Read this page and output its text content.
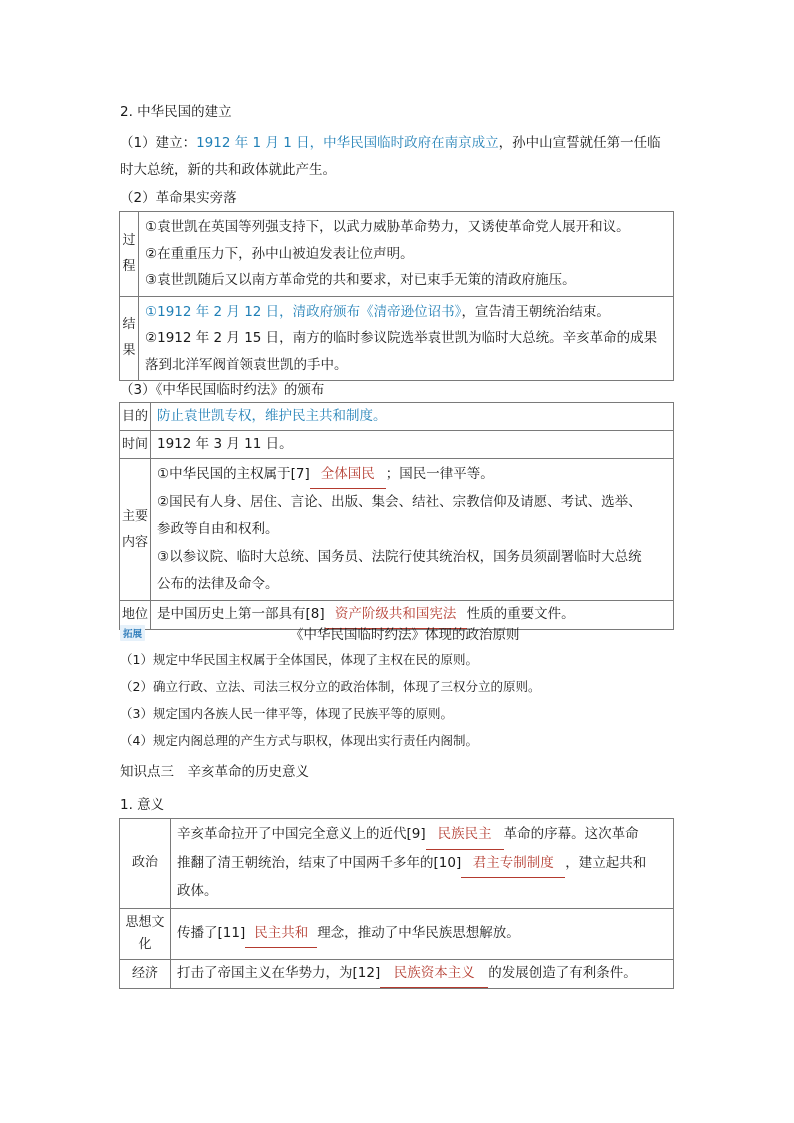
2. 中华民国的建立
（1）建立：1912 年 1 月 1 日，中华民国临时政府在南京成立，孙中山宣誓就任第一任临
时大总统，新的共和政体就此产生。
（2）革命果实旁落
过
程	①袁世凯在英国等列强支持下，以武力威胁革命势力，又诱使革命党人展开和议。
②在重重压力下，孙中山被迫发表让位声明。
③袁世凯随后又以南方革命党的共和要求，对已束手无策的清政府施压。

结
果	①1912 年 2 月 12 日，清政府颁布《清帝逊位诏书》，宣告清王朝统治结束。
②1912 年 2 月 15 日，南方的临时参议院选举袁世凯为临时大总统。辛亥革命的成果
落到北洋军阀首领袁世凯的手中。
（3）《中华民国临时约法》的颁布
目的	防止袁世凯专权，维护民主共和制度。
时间	1912 年 3 月 11 日。

主要
内容	①中华民国的主权属于[7] 全体国民 ；国民一律平等。
②国民有人身、居住、言论、出版、集会、结社、宗教信仰及请愿、考试、选举、
参政等自由和权利。
③以参议院、临时大总统、国务员、法院行使其统治权，国务员须副署临时大总统
公布的法律及命令。

地位	是中国历史上第一部具有[8] 资产阶级共和国宪法 性质的重要文件。
拓展	《中华民国临时约法》体现的政治原则
（1）规定中华民国主权属于全体国民，体现了主权在民的原则。
（2）确立行政、立法、司法三权分立的政治体制，体现了三权分立的原则。
（3）规定国内各族人民一律平等，体现了民族平等的原则。
（4）规定内阁总理的产生方式与职权，体现出实行责任内阁制。
知识点三　辛亥革命的历史意义
1. 意义
政治	辛亥革命拉开了中国完全意义上的近代[9] 民族民主 革命的序幕。这次革命
推翻了清王朝统治，结束了中国两千多年的[10] 君主专制制度 ，建立起共和
政体。

思想文
化	传播了[11] 民主共和 理念，推动了中华民族思想解放。
经济	打击了帝国主义在华势力，为[12] 民族资本主义 的发展创造了有利条件。
